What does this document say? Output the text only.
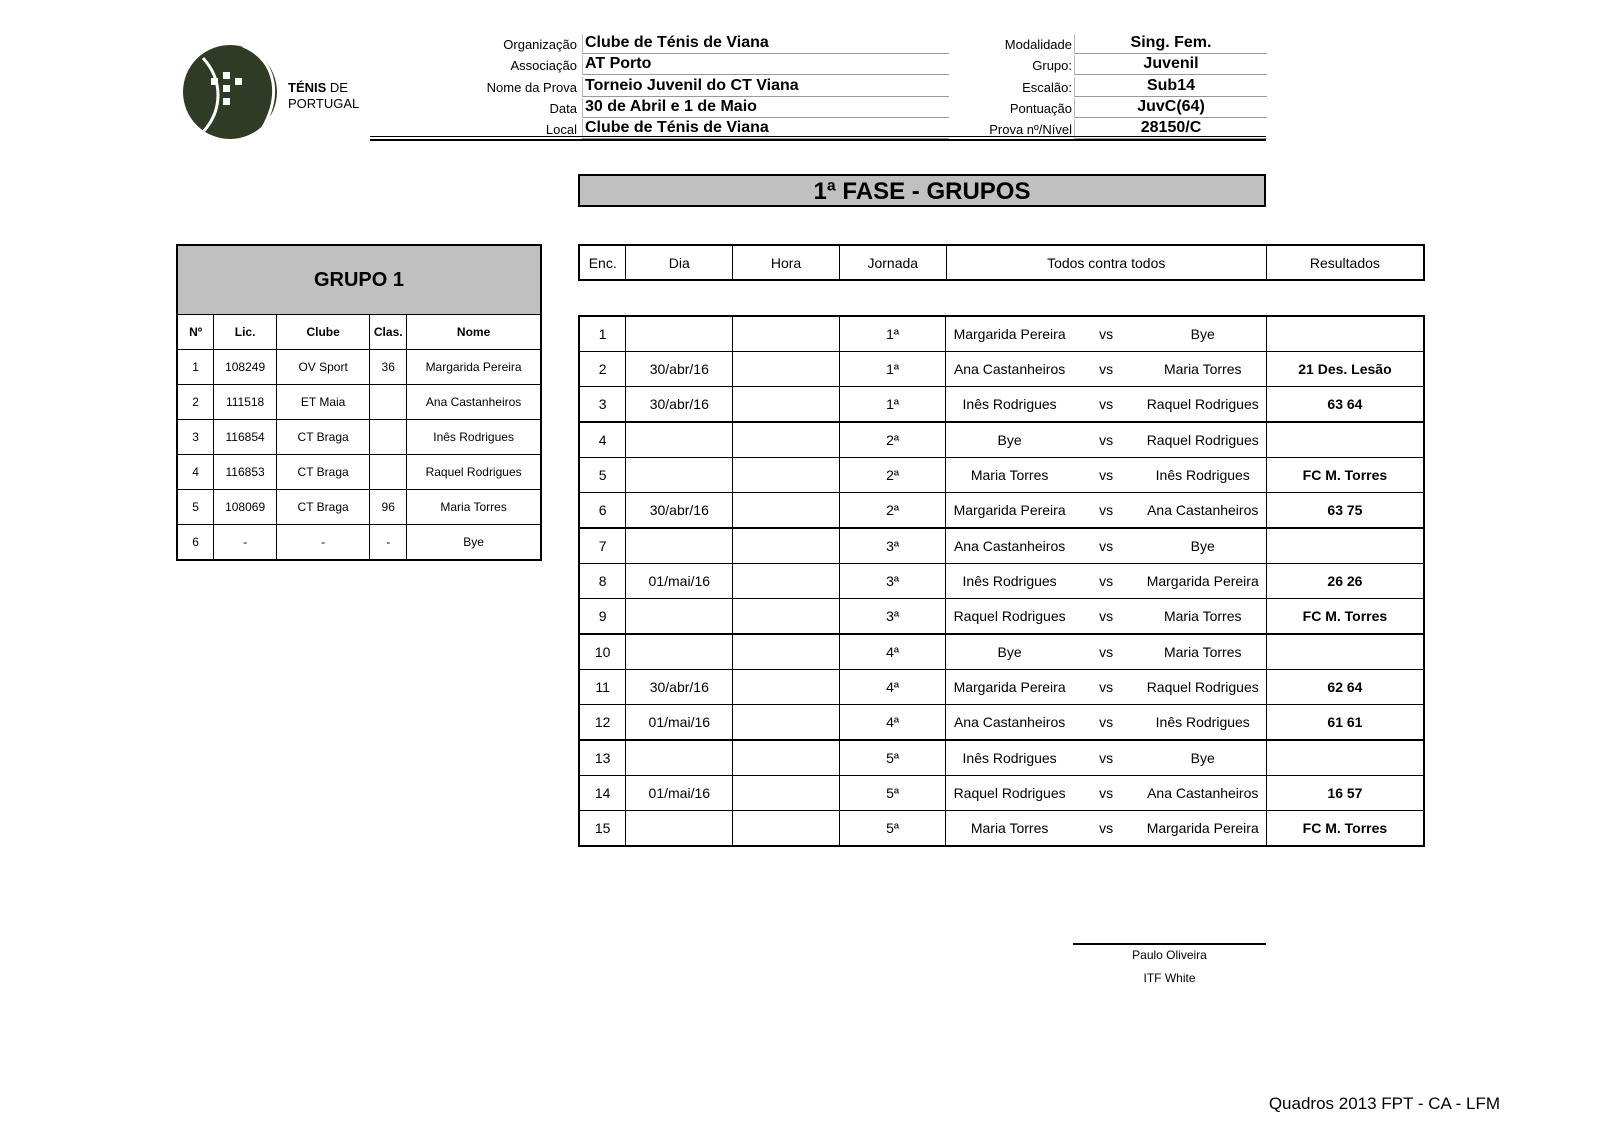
TÉNIS DE
PORTUGAL
Organização Clube de Ténis de Viana
Associação AT Porto
Nome da Prova Torneio Juvenil do CT Viana
Data 30 de Abril e 1 de Maio
Local Clube de Ténis de Viana
Modalidade	Sing. Fem.
Grupo:	Juvenil
Escalão:	Sub14
Pontuação	JuvC(64)
Prova nº/Nível	28150/C
1ª FASE - GRUPOS
GRUPO 1				
Nº	Lic.	Clube	Clas.	Nome
1	108249	OV Sport	36	Margarida Pereira
2	111518	ET Maia		Ana Castanheiros
3	116854	CT Braga		Inês Rodrigues
4	116853	CT Braga		Raquel Rodrigues
5	108069	CT Braga	96	Maria Torres
6	-	-	-	Bye
Enc.	Dia	Hora	Jornada	Todos contra todos	Resultados
1			1ª	Margarida Pereira	vs	Bye	
2	30/abr/16		1ª	Ana Castanheiros	vs	Maria Torres	21 Des. Lesão
3	30/abr/16		1ª	Inês Rodrigues	vs	Raquel Rodrigues	63 64
4			2ª	Bye	vs	Raquel Rodrigues	
5			2ª	Maria Torres	vs	Inês Rodrigues	FC M. Torres
6	30/abr/16		2ª	Margarida Pereira	vs	Ana Castanheiros	63 75
7			3ª	Ana Castanheiros	vs	Bye	
8	01/mai/16		3ª	Inês Rodrigues	vs	Margarida Pereira	26 26
9			3ª	Raquel Rodrigues	vs	Maria Torres	FC M. Torres
10			4ª	Bye	vs	Maria Torres	
11	30/abr/16		4ª	Margarida Pereira	vs	Raquel Rodrigues	62 64
12	01/mai/16		4ª	Ana Castanheiros	vs	Inês Rodrigues	61 61
13			5ª	Inês Rodrigues	vs	Bye	
14	01/mai/16		5ª	Raquel Rodrigues	vs	Ana Castanheiros	16 57
15			5ª	Maria Torres	vs	Margarida Pereira	FC M. Torres
Paulo Oliveira
ITF White
Quadros 2013 FPT - CA - LFM
